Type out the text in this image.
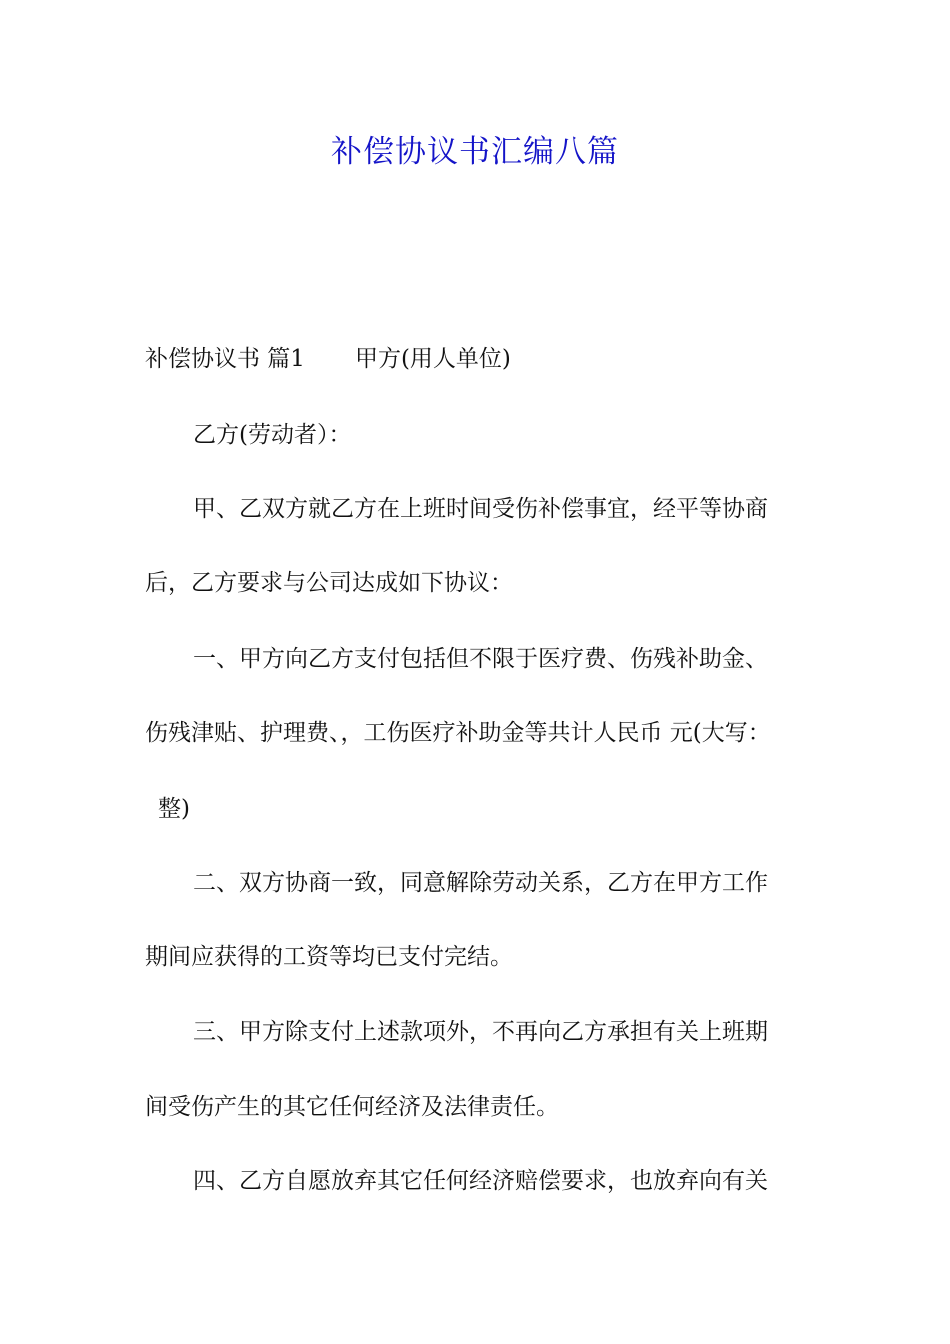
补偿协议书汇编八篇

补偿协议书 篇1 甲方(用人单位)

乙方(劳动者）：

甲、乙双方就乙方在上班时间受伤补偿事宜，经平等协商

后，乙方要求与公司达成如下协议：

一、甲方向乙方支付包括但不限于医疗费、伤残补助金、

伤残津贴、护理费、，工伤医疗补助金等共计人民币 元(大写：

整)

二、双方协商一致，同意解除劳动关系，乙方在甲方工作

期间应获得的工资等均已支付完结。

三、甲方除支付上述款项外，不再向乙方承担有关上班期

间受伤产生的其它任何经济及法律责任。

四、乙方自愿放弃其它任何经济赔偿要求，也放弃向有关
